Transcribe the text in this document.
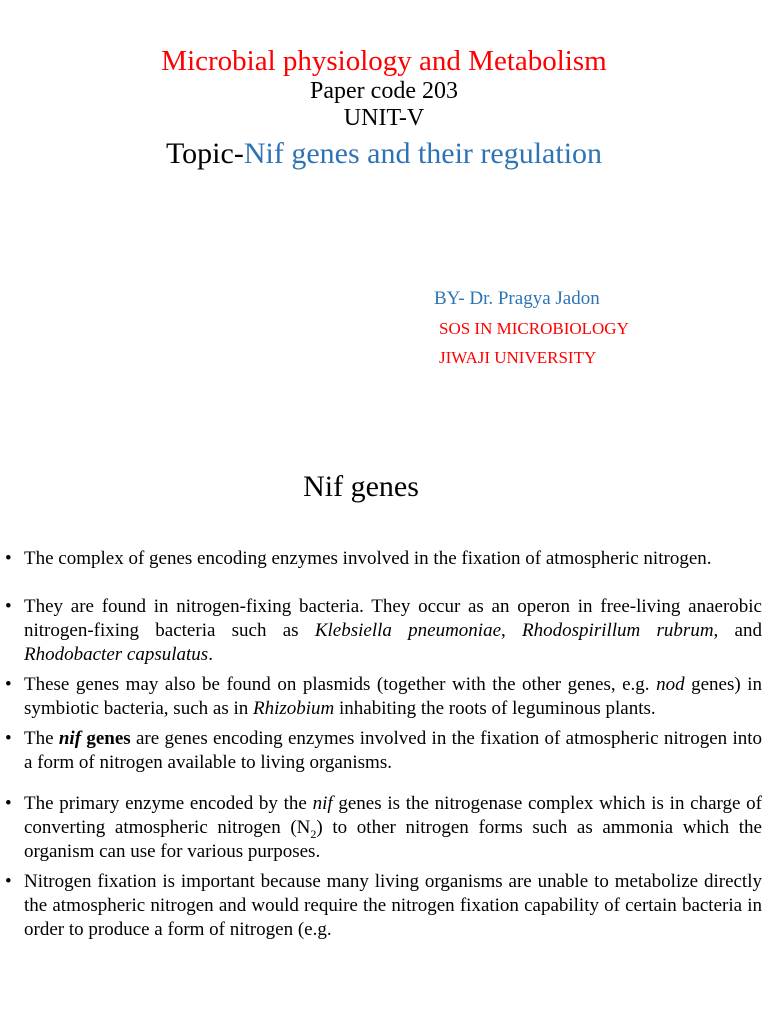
Microbial physiology and Metabolism
Paper code 203
UNIT-V
Topic-Nif genes and their regulation
BY- Dr. Pragya Jadon
SOS IN MICROBIOLOGY
JIWAJI UNIVERSITY
Nif genes
• The complex of genes encoding enzymes involved in the fixation of atmospheric nitrogen.
• They are found in nitrogen-fixing bacteria. They occur as an operon in free-living anaerobic nitrogen-fixing bacteria such as Klebsiella pneumoniae, Rhodospirillum rubrum, and Rhodobacter capsulatus.
• These genes may also be found on plasmids (together with the other genes, e.g. nod genes) in symbiotic bacteria, such as in Rhizobium inhabiting the roots of leguminous plants.
• The nif genes are genes encoding enzymes involved in the fixation of atmospheric nitrogen into a form of nitrogen available to living organisms.
• The primary enzyme encoded by the nif genes is the nitrogenase complex which is in charge of converting atmospheric nitrogen $(N_2)$ to other nitrogen forms such as ammonia which the organism can use for various purposes.
• Nitrogen fixation is important because many living organisms are unable to metabolize directly the atmospheric nitrogen and would require the nitrogen fixation capability of certain bacteria in order to produce a form of nitrogen (e.g.
